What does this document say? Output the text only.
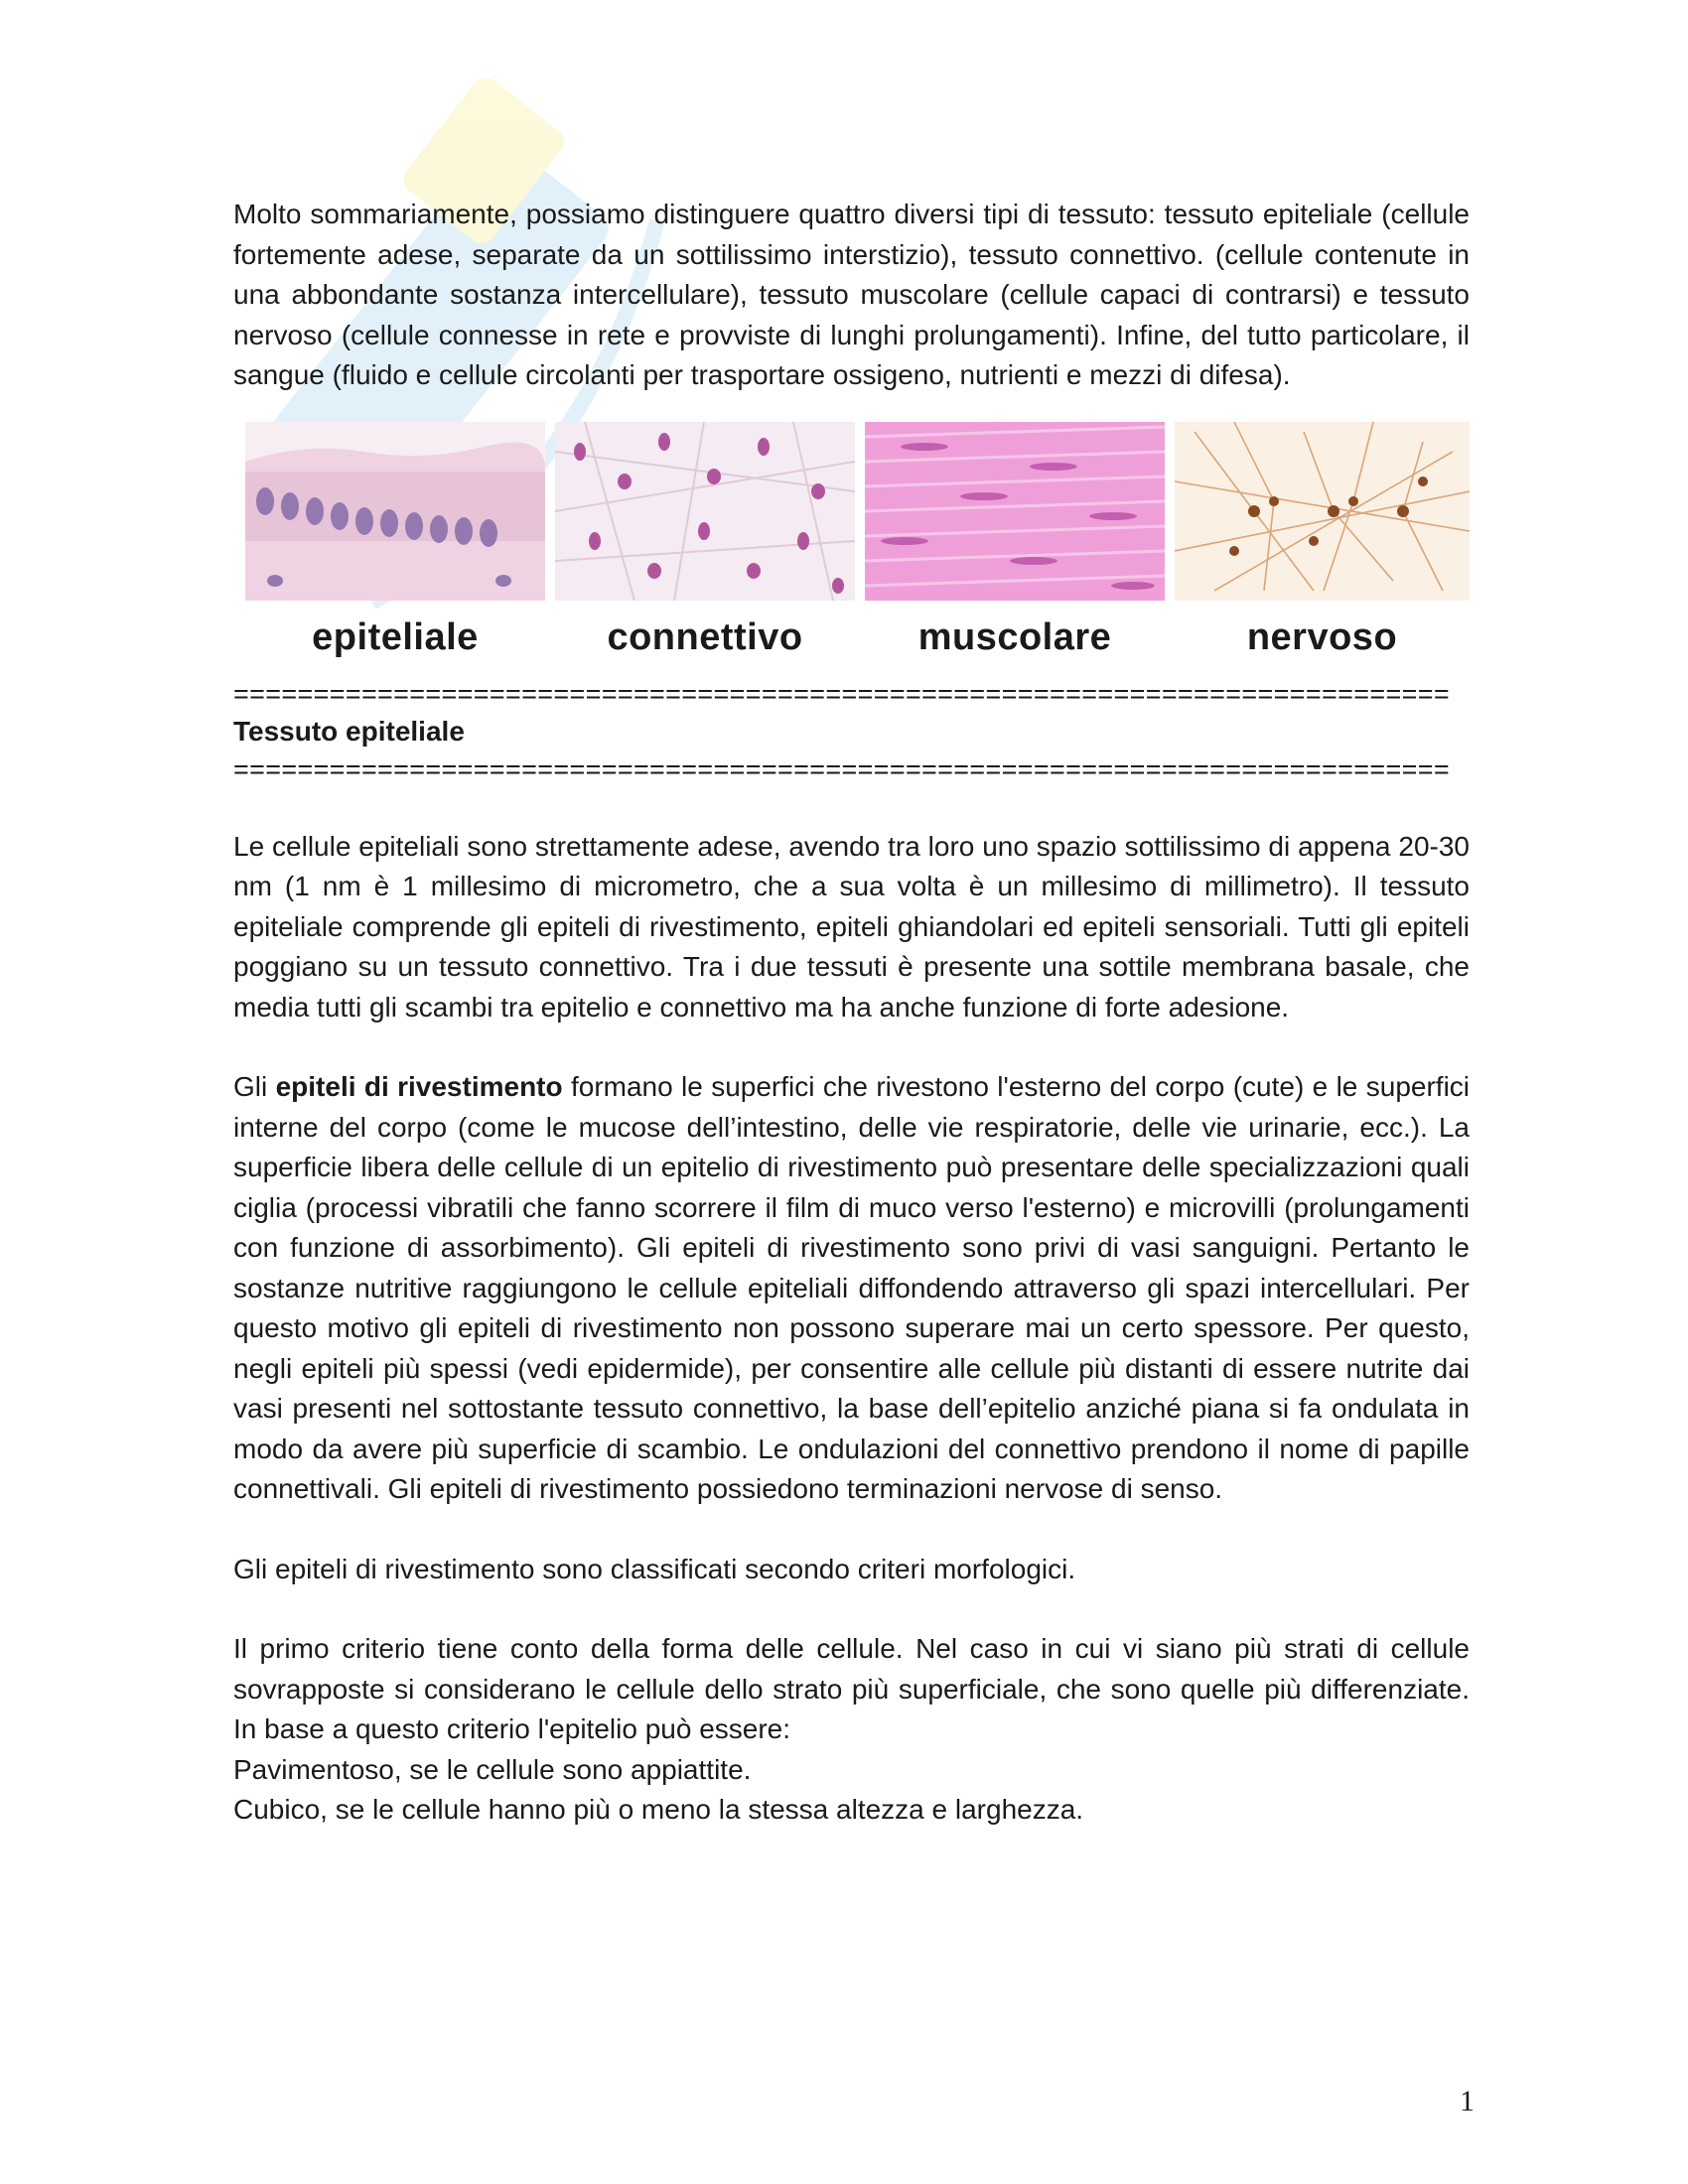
Molto sommariamente, possiamo distinguere quattro diversi tipi di tessuto: tessuto epiteliale (cellule fortemente adese, separate da un sottilissimo interstizio), tessuto connettivo. (cellule contenute in una abbondante sostanza intercellulare), tessuto muscolare (cellule capaci di contrarsi) e tessuto nervoso (cellule connesse in rete e provviste di lunghi prolungamenti). Infine, del tutto particolare, il sangue (fluido e cellule circolanti per trasportare ossigeno, nutrienti e mezzi di difesa).

epiteliale	connettivo	muscolare	nervoso

============================================================================

Tessuto epiteliale

============================================================================

Le cellule epiteliali sono strettamente adese, avendo tra loro uno spazio sottilissimo di appena 20-30 nm (1 nm è 1 millesimo di micrometro, che a sua volta è un millesimo di millimetro). Il tessuto epiteliale comprende gli epiteli di rivestimento, epiteli ghiandolari ed epiteli sensoriali. Tutti gli epiteli poggiano su un tessuto connettivo. Tra i due tessuti è presente una sottile membrana basale, che media tutti gli scambi tra epitelio e connettivo ma ha anche funzione di forte adesione.

Gli epiteli di rivestimento formano le superfici che rivestono l'esterno del corpo (cute) e le superfici interne del corpo (come le mucose dell’intestino, delle vie respiratorie, delle vie urinarie, ecc.). La superficie libera delle cellule di un epitelio di rivestimento può presentare delle specializzazioni quali ciglia (processi vibratili che fanno scorrere il film di muco verso l'esterno) e microvilli (prolungamenti con funzione di assorbimento). Gli epiteli di rivestimento sono privi di vasi sanguigni. Pertanto le sostanze nutritive raggiungono le cellule epiteliali diffondendo attraverso gli spazi intercellulari. Per questo motivo gli epiteli di rivestimento non possono superare mai un certo spessore. Per questo, negli epiteli più spessi (vedi epidermide), per consentire alle cellule più distanti di essere nutrite dai vasi presenti nel sottostante tessuto connettivo, la base dell’epitelio anziché piana si fa ondulata in modo da avere più superficie di scambio. Le ondulazioni del connettivo prendono il nome di papille connettivali. Gli epiteli di rivestimento possiedono terminazioni nervose di senso.

Gli epiteli di rivestimento sono classificati secondo criteri morfologici.

Il primo criterio tiene conto della forma delle cellule. Nel caso in cui vi siano più strati di cellule sovrapposte si considerano le cellule dello strato più superficiale, che sono quelle più differenziate. In base a questo criterio l'epitelio può essere:

Pavimentoso, se le cellule sono appiattite.

Cubico, se le cellule hanno più o meno la stessa altezza e larghezza.

1
